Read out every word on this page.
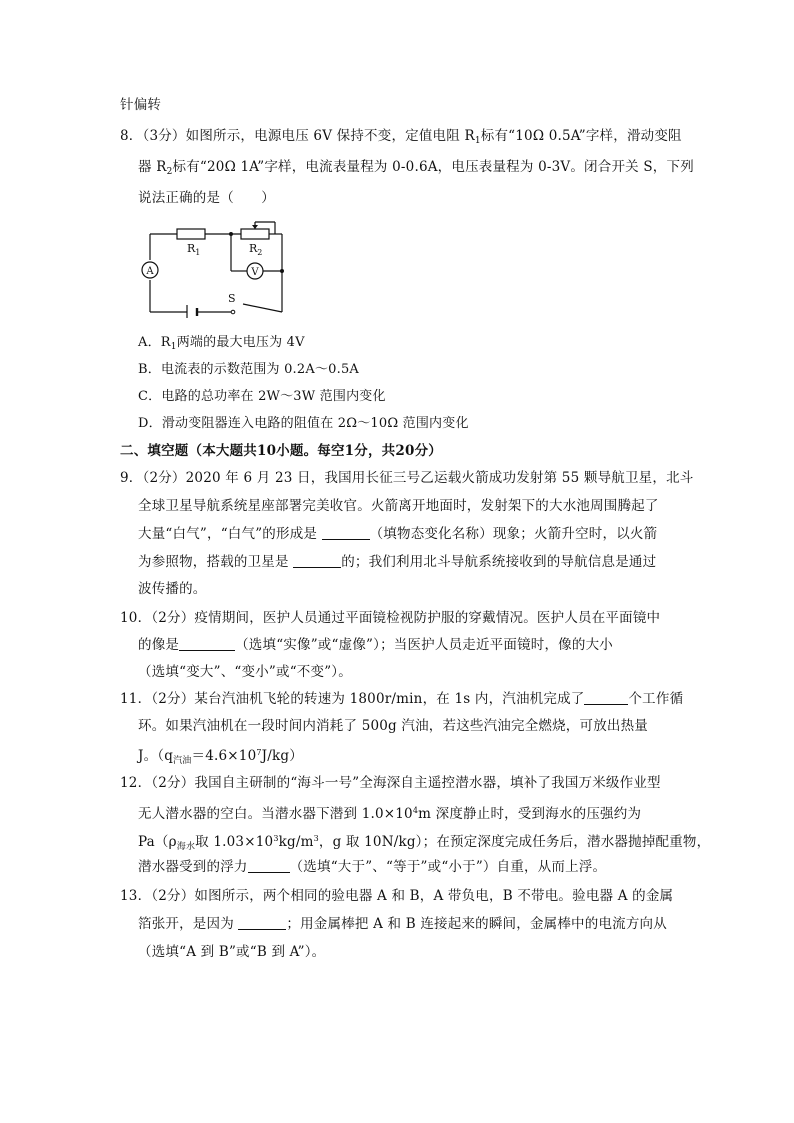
针偏转
8．（3分）如图所示，电源电压 6V 保持不变，定值电阻 $R_1$标有“10Ω 0.5A”字样，滑动变阻
器 $R_2$标有“20Ω 1A”字样，电流表量程为 0-0.6A，电压表量程为 0-3V。闭合开关 S，下列
说法正确的是（　　）
A	V
$R_1$	$R_2$
S
A．$R_1$两端的最大电压为 4V
B．电流表的示数范围为 0.2A～0.5A
C．电路的总功率在 2W～3W 范围内变化
D．滑动变阻器连入电路的阻值在 2Ω～10Ω 范围内变化
二、填空题（本大题共10小题。每空1分，共20分）
9．（2分）2020 年 6 月 23 日，我国用长征三号乙运载火箭成功发射第 55 颗导航卫星，北斗
全球卫星导航系统星座部署完美收官。火箭离开地面时，发射架下的大水池周围腾起了
大量“白气”，“白气”的形成是	（填物态变化名称）现象；火箭升空时，以火箭
为参照物，搭载的卫星是	的；我们利用北斗导航系统接收到的导航信息是通过
波传播的。
10．（2分）疫情期间，医护人员通过平面镜检视防护服的穿戴情况。医护人员在平面镜中
的像是	（选填“实像”或“虚像”）；当医护人员走近平面镜时，像的大小
（选填“变大”、“变小”或“不变”）。
11．（2分）某台汽油机飞轮的转速为 1800r/min，在 1s 内，汽油机完成了	个工作循
环。如果汽油机在一段时间内消耗了 500g 汽油，若这些汽油完全燃烧，可放出热量
J。$(q_{汽油}=4.6\times 10^7J/kg)$
12．（2分）我国自主研制的“海斗一号”全海深自主遥控潜水器，填补了我国万米级作业型
无人潜水器的空白。当潜水器下潜到 $1.0\times 10^4m$ 深度静止时，受到海水的压强约为
$Pa(\rho_{海水}$取 $1.03\times 10^3kg/m^3$，g 取 10N/kg）；在预定深度完成任务后，潜水器抛掉配重物，
潜水器受到的浮力	（选填“大于”、“等于”或“小于”）自重，从而上浮。
13．（2分）如图所示，两个相同的验电器 A 和 B，A 带负电，B 不带电。验电器 A 的金属
箔张开，是因为	；用金属棒把 A 和 B 连接起来的瞬间，金属棒中的电流方向从
（选填“A 到 B”或“B 到 A”）。
